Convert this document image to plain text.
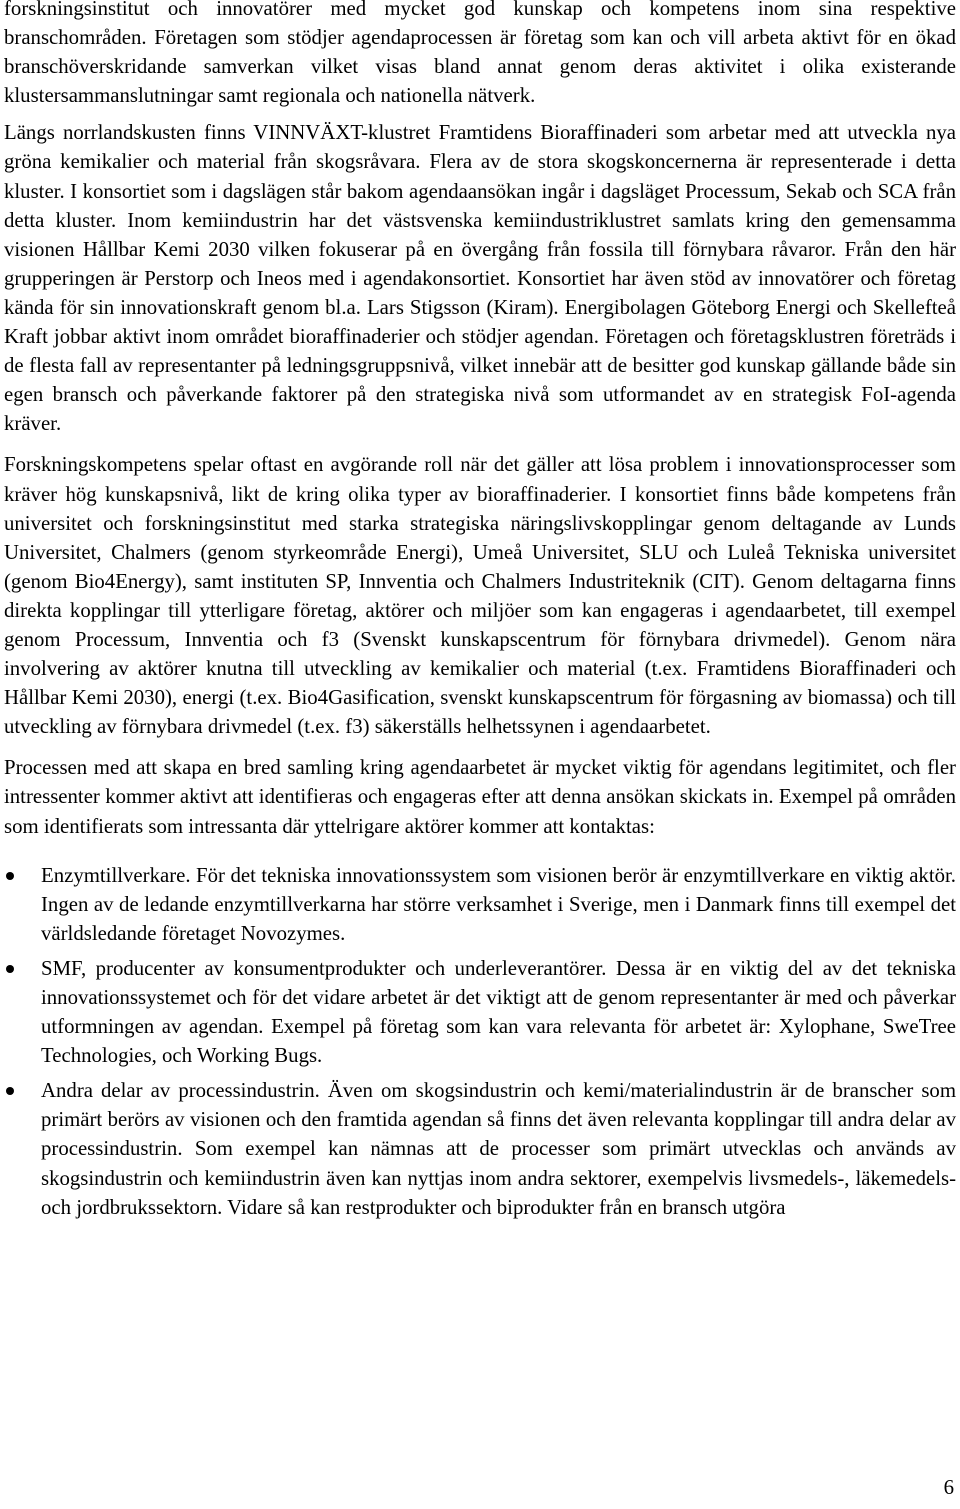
forskningsinstitut och innovatörer med mycket god kunskap och kompetens inom sina respektive branschområden. Företagen som stödjer agendaprocessen är företag som kan och vill arbeta aktivt för en ökad branschöverskridande samverkan vilket visas bland annat genom deras aktivitet i olika existerande klustersammanslutningar samt regionala och nationella nätverk.

Längs norrlandskusten finns VINNVÄXT-klustret Framtidens Bioraffinaderi som arbetar med att utveckla nya gröna kemikalier och material från skogsråvara. Flera av de stora skogskoncernerna är representerade i detta kluster. I konsortiet som i dagslägen står bakom agendaansökan ingår i dagsläget Processum, Sekab och SCA från detta kluster. Inom kemiindustrin har det västsvenska kemiindustriklustret samlats kring den gemensamma visionen Hållbar Kemi 2030 vilken fokuserar på en övergång från fossila till förnybara råvaror. Från den här grupperingen är Perstorp och Ineos med i agendakonsortiet. Konsortiet har även stöd av innovatörer och företag kända för sin innovationskraft genom bl.a. Lars Stigsson (Kiram). Energibolagen Göteborg Energi och Skellefteå Kraft jobbar aktivt inom området bioraffinaderier och stödjer agendan. Företagen och företagsklustren företräds i de flesta fall av representanter på ledningsgruppsnivå, vilket innebär att de besitter god kunskap gällande både sin egen bransch och påverkande faktorer på den strategiska nivå som utformandet av en strategisk FoI-agenda kräver.

Forskningskompetens spelar oftast en avgörande roll när det gäller att lösa problem i innovationsprocesser som kräver hög kunskapsnivå, likt de kring olika typer av bioraffinaderier. I konsortiet finns både kompetens från universitet och forskningsinstitut med starka strategiska näringslivskopplingar genom deltagande av Lunds Universitet, Chalmers (genom styrkeområde Energi), Umeå Universitet, SLU och Luleå Tekniska universitet (genom Bio4Energy), samt instituten SP, Innventia och Chalmers Industriteknik (CIT). Genom deltagarna finns direkta kopplingar till ytterligare företag, aktörer och miljöer som kan engageras i agendaarbetet, till exempel genom Processum, Innventia och f3 (Svenskt kunskapscentrum för förnybara drivmedel). Genom nära involvering av aktörer knutna till utveckling av kemikalier och material (t.ex. Framtidens Bioraffinaderi och Hållbar Kemi 2030), energi (t.ex. Bio4Gasification, svenskt kunskapscentrum för förgasning av biomassa) och till utveckling av förnybara drivmedel (t.ex. f3) säkerställs helhetssynen i agendaarbetet.

Processen med att skapa en bred samling kring agendaarbetet är mycket viktig för agendans legitimitet, och fler intressenter kommer aktivt att identifieras och engageras efter att denna ansökan skickats in. Exempel på områden som identifierats som intressanta där yttelrigare aktörer kommer att kontaktas:

Enzymtillverkare. För det tekniska innovationssystem som visionen berör är enzymtillverkare en viktig aktör. Ingen av de ledande enzymtillverkarna har större verksamhet i Sverige, men i Danmark finns till exempel det världsledande företaget Novozymes.
SMF, producenter av konsumentprodukter och underleverantörer. Dessa är en viktig del av det tekniska innovationssystemet och för det vidare arbetet är det viktigt att de genom representanter är med och påverkar utformningen av agendan. Exempel på företag som kan vara relevanta för arbetet är: Xylophane, SweTree Technologies, och Working Bugs.
Andra delar av processindustrin. Även om skogsindustrin och kemi/materialindustrin är de branscher som primärt berörs av visionen och den framtida agendan så finns det även relevanta kopplingar till andra delar av processindustrin. Som exempel kan nämnas att de processer som primärt utvecklas och används av skogsindustrin och kemiindustrin även kan nyttjas inom andra sektorer, exempelvis livsmedels-, läkemedels- och jordbrukssektorn. Vidare så kan restprodukter och biprodukter från en bransch utgöra
6
